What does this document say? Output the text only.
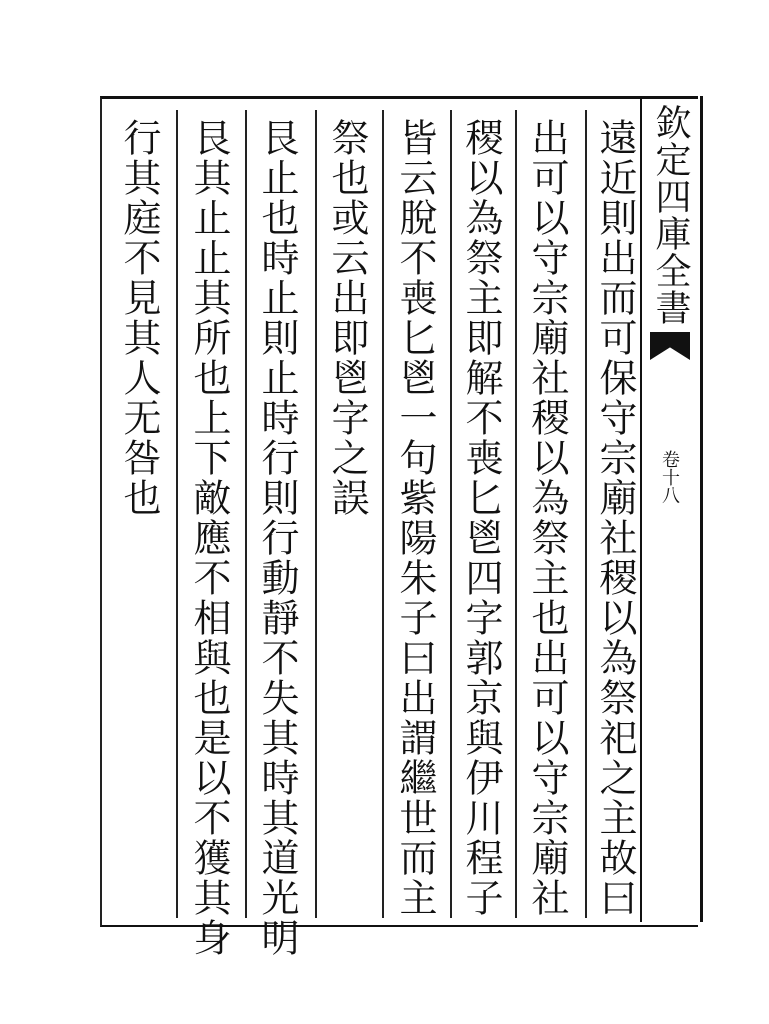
欽定四庫全書
卷十八
遠近則出而可保守宗廟社稷以為祭祀之主故曰
出可以守宗廟社稷以為祭主也出可以守宗廟社
稷以為祭主即解不喪匕鬯四字郭京與伊川程子
皆云脫不喪匕鬯一句紫陽朱子曰出謂繼世而主
祭也或云出即鬯字之誤
艮止也時止則止時行則行動靜不失其時其道光明
艮其止止其所也上下敵應不相與也是以不獲其身
行其庭不見其人无咎也
